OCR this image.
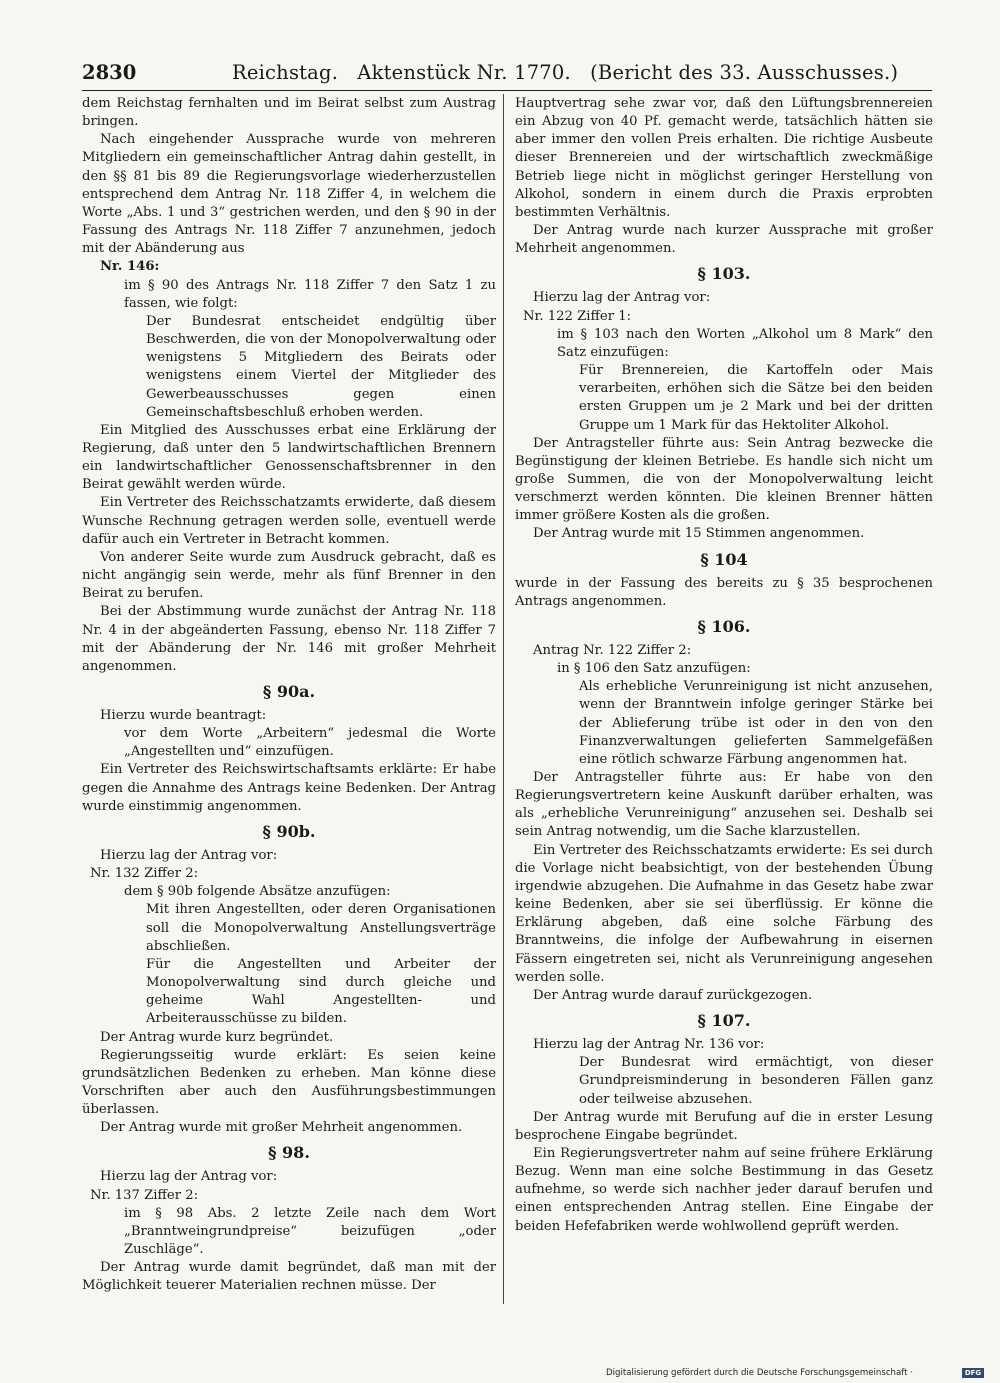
2830	Reichstag.   Aktenstück Nr. 1770.   (Bericht des 33. Ausschusses.)

dem Reichstag fernhalten und im Beirat selbst zum Austrag bringen.

Nach eingehender Aussprache wurde von mehreren Mitgliedern ein gemeinschaftlicher Antrag dahin gestellt, in den §§ 81 bis 89 die Regierungsvorlage wiederherzustellen entsprechend dem Antrag Nr. 118 Ziffer 4, in welchem die Worte „Abs. 1 und 3“ gestrichen werden, und den § 90 in der Fassung des Antrags Nr. 118 Ziffer 7 anzunehmen, jedoch mit der Abänderung aus

Nr. 146:

im § 90 des Antrags Nr. 118 Ziffer 7 den Satz 1 zu fassen, wie folgt:

Der Bundesrat entscheidet endgültig über Beschwerden, die von der Monopolverwaltung oder wenigstens 5 Mitgliedern des Beirats oder wenigstens einem Viertel der Mitglieder des Gewerbeausschusses gegen einen Gemeinschaftsbeschluß erhoben werden.

Ein Mitglied des Ausschusses erbat eine Erklärung der Regierung, daß unter den 5 landwirtschaftlichen Brennern ein landwirtschaftlicher Genossenschaftsbrenner in den Beirat gewählt werden würde.

Ein Vertreter des Reichsschatzamts erwiderte, daß diesem Wunsche Rechnung getragen werden solle, eventuell werde dafür auch ein Vertreter in Betracht kommen.

Von anderer Seite wurde zum Ausdruck gebracht, daß es nicht angängig sein werde, mehr als fünf Brenner in den Beirat zu berufen.

Bei der Abstimmung wurde zunächst der Antrag Nr. 118 Nr. 4 in der abgeänderten Fassung, ebenso Nr. 118 Ziffer 7 mit der Abänderung der Nr. 146 mit großer Mehrheit angenommen.

§ 90a.

Hierzu wurde beantragt:

vor dem Worte „Arbeitern“ jedesmal die Worte „Angestellten und“ einzufügen.

Ein Vertreter des Reichswirtschaftsamts erklärte: Er habe gegen die Annahme des Antrags keine Bedenken. Der Antrag wurde einstimmig angenommen.

§ 90b.

Hierzu lag der Antrag vor:

Nr. 132 Ziffer 2:

dem § 90b folgende Absätze anzufügen:

Mit ihren Angestellten, oder deren Organisationen soll die Monopolverwaltung Anstellungsverträge abschließen.

Für die Angestellten und Arbeiter der Monopolverwaltung sind durch gleiche und geheime Wahl Angestellten- und Arbeiterausschüsse zu bilden.

Der Antrag wurde kurz begründet.

Regierungsseitig wurde erklärt: Es seien keine grundsätzlichen Bedenken zu erheben. Man könne diese Vorschriften aber auch den Ausführungsbestimmungen überlassen.

Der Antrag wurde mit großer Mehrheit angenommen.

§ 98.

Hierzu lag der Antrag vor:

Nr. 137 Ziffer 2:

im § 98 Abs. 2 letzte Zeile nach dem Wort „Branntweingrundpreise“ beizufügen „oder Zuschläge“.

Der Antrag wurde damit begründet, daß man mit der Möglichkeit teuerer Materialien rechnen müsse. Der

Hauptvertrag sehe zwar vor, daß den Lüftungsbrennereien ein Abzug von 40 Pf. gemacht werde, tatsächlich hätten sie aber immer den vollen Preis erhalten. Die richtige Ausbeute dieser Brennereien und der wirtschaftlich zweckmäßige Betrieb liege nicht in möglichst geringer Herstellung von Alkohol, sondern in einem durch die Praxis erprobten bestimmten Verhältnis.

Der Antrag wurde nach kurzer Aussprache mit großer Mehrheit angenommen.

§ 103.

Hierzu lag der Antrag vor:

Nr. 122 Ziffer 1:

im § 103 nach den Worten „Alkohol um 8 Mark“ den Satz einzufügen:

Für Brennereien, die Kartoffeln oder Mais verarbeiten, erhöhen sich die Sätze bei den beiden ersten Gruppen um je 2 Mark und bei der dritten Gruppe um 1 Mark für das Hektoliter Alkohol.

Der Antragsteller führte aus: Sein Antrag bezwecke die Begünstigung der kleinen Betriebe. Es handle sich nicht um große Summen, die von der Monopolverwaltung leicht verschmerzt werden könnten. Die kleinen Brenner hätten immer größere Kosten als die großen.

Der Antrag wurde mit 15 Stimmen angenommen.

§ 104

wurde in der Fassung des bereits zu § 35 besprochenen Antrags angenommen.

§ 106.

Antrag Nr. 122 Ziffer 2:

in § 106 den Satz anzufügen:

Als erhebliche Verunreinigung ist nicht anzusehen, wenn der Branntwein infolge geringer Stärke bei der Ablieferung trübe ist oder in den von den Finanzverwaltungen gelieferten Sammelgefäßen eine rötlich schwarze Färbung angenommen hat.

Der Antragsteller führte aus: Er habe von den Regierungsvertretern keine Auskunft darüber erhalten, was als „erhebliche Verunreinigung“ anzusehen sei. Deshalb sei sein Antrag notwendig, um die Sache klarzustellen.

Ein Vertreter des Reichsschatzamts erwiderte: Es sei durch die Vorlage nicht beabsichtigt, von der bestehenden Übung irgendwie abzugehen. Die Aufnahme in das Gesetz habe zwar keine Bedenken, aber sie sei überflüssig. Er könne die Erklärung abgeben, daß eine solche Färbung des Branntweins, die infolge der Aufbewahrung in eisernen Fässern eingetreten sei, nicht als Verunreinigung angesehen werden solle.

Der Antrag wurde darauf zurückgezogen.

§ 107.

Hierzu lag der Antrag Nr. 136 vor:

Der Bundesrat wird ermächtigt, von dieser Grundpreisminderung in besonderen Fällen ganz oder teilweise abzusehen.

Der Antrag wurde mit Berufung auf die in erster Lesung besprochene Eingabe begründet.

Ein Regierungsvertreter nahm auf seine frühere Erklärung Bezug. Wenn man eine solche Bestimmung in das Gesetz aufnehme, so werde sich nachher jeder darauf berufen und einen entsprechenden Antrag stellen. Eine Eingabe der beiden Hefefabriken werde wohlwollend geprüft werden.

Digitalisierung gefördert durch die Deutsche Forschungsgemeinschaft ·	DFG
